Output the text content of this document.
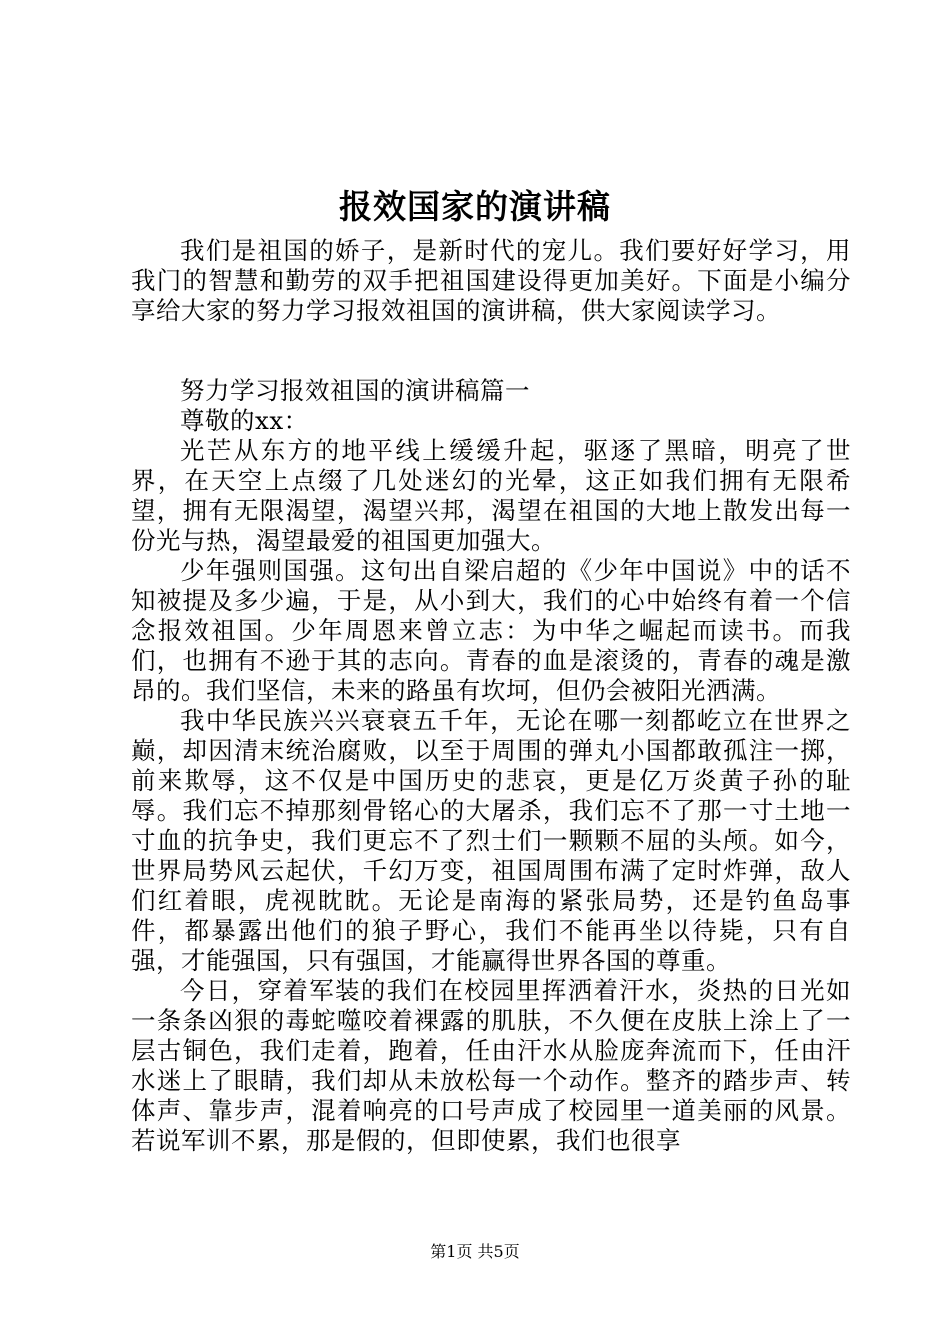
报效国家的演讲稿

我们是祖国的娇子，是新时代的宠儿。我们要好好学习，用我门的智慧和勤劳的双手把祖国建设得更加美好。下面是小编分享给大家的努力学习报效祖国的演讲稿，供大家阅读学习。

努力学习报效祖国的演讲稿篇一

尊敬的xx：

光芒从东方的地平线上缓缓升起，驱逐了黑暗，明亮了世界，在天空上点缀了几处迷幻的光晕，这正如我们拥有无限希望，拥有无限渴望，渴望兴邦，渴望在祖国的大地上散发出每一份光与热，渴望最爱的祖国更加强大。

少年强则国强。这句出自梁启超的《少年中国说》中的话不知被提及多少遍，于是，从小到大，我们的心中始终有着一个信念报效祖国。少年周恩来曾立志：为中华之崛起而读书。而我们，也拥有不逊于其的志向。青春的血是滚烫的，青春的魂是激昂的。我们坚信，未来的路虽有坎坷，但仍会被阳光洒满。

我中华民族兴兴衰衰五千年，无论在哪一刻都屹立在世界之巅，却因清末统治腐败，以至于周围的弹丸小国都敢孤注一掷，前来欺辱，这不仅是中国历史的悲哀，更是亿万炎黄子孙的耻辱。我们忘不掉那刻骨铭心的大屠杀，我们忘不了那一寸土地一寸血的抗争史，我们更忘不了烈士们一颗颗不屈的头颅。如今，世界局势风云起伏，千幻万变，祖国周围布满了定时炸弹，敌人们红着眼，虎视眈眈。无论是南海的紧张局势，还是钓鱼岛事件，都暴露出他们的狼子野心，我们不能再坐以待毙，只有自强，才能强国，只有强国，才能赢得世界各国的尊重。

今日，穿着军装的我们在校园里挥洒着汗水，炎热的日光如一条条凶狠的毒蛇噬咬着裸露的肌肤，不久便在皮肤上涂上了一层古铜色，我们走着，跑着，任由汗水从脸庞奔流而下，任由汗水迷上了眼睛，我们却从未放松每一个动作。整齐的踏步声、转体声、靠步声，混着响亮的口号声成了校园里一道美丽的风景。若说军训不累，那是假的，但即使累，我们也很享

第1页 共5页
